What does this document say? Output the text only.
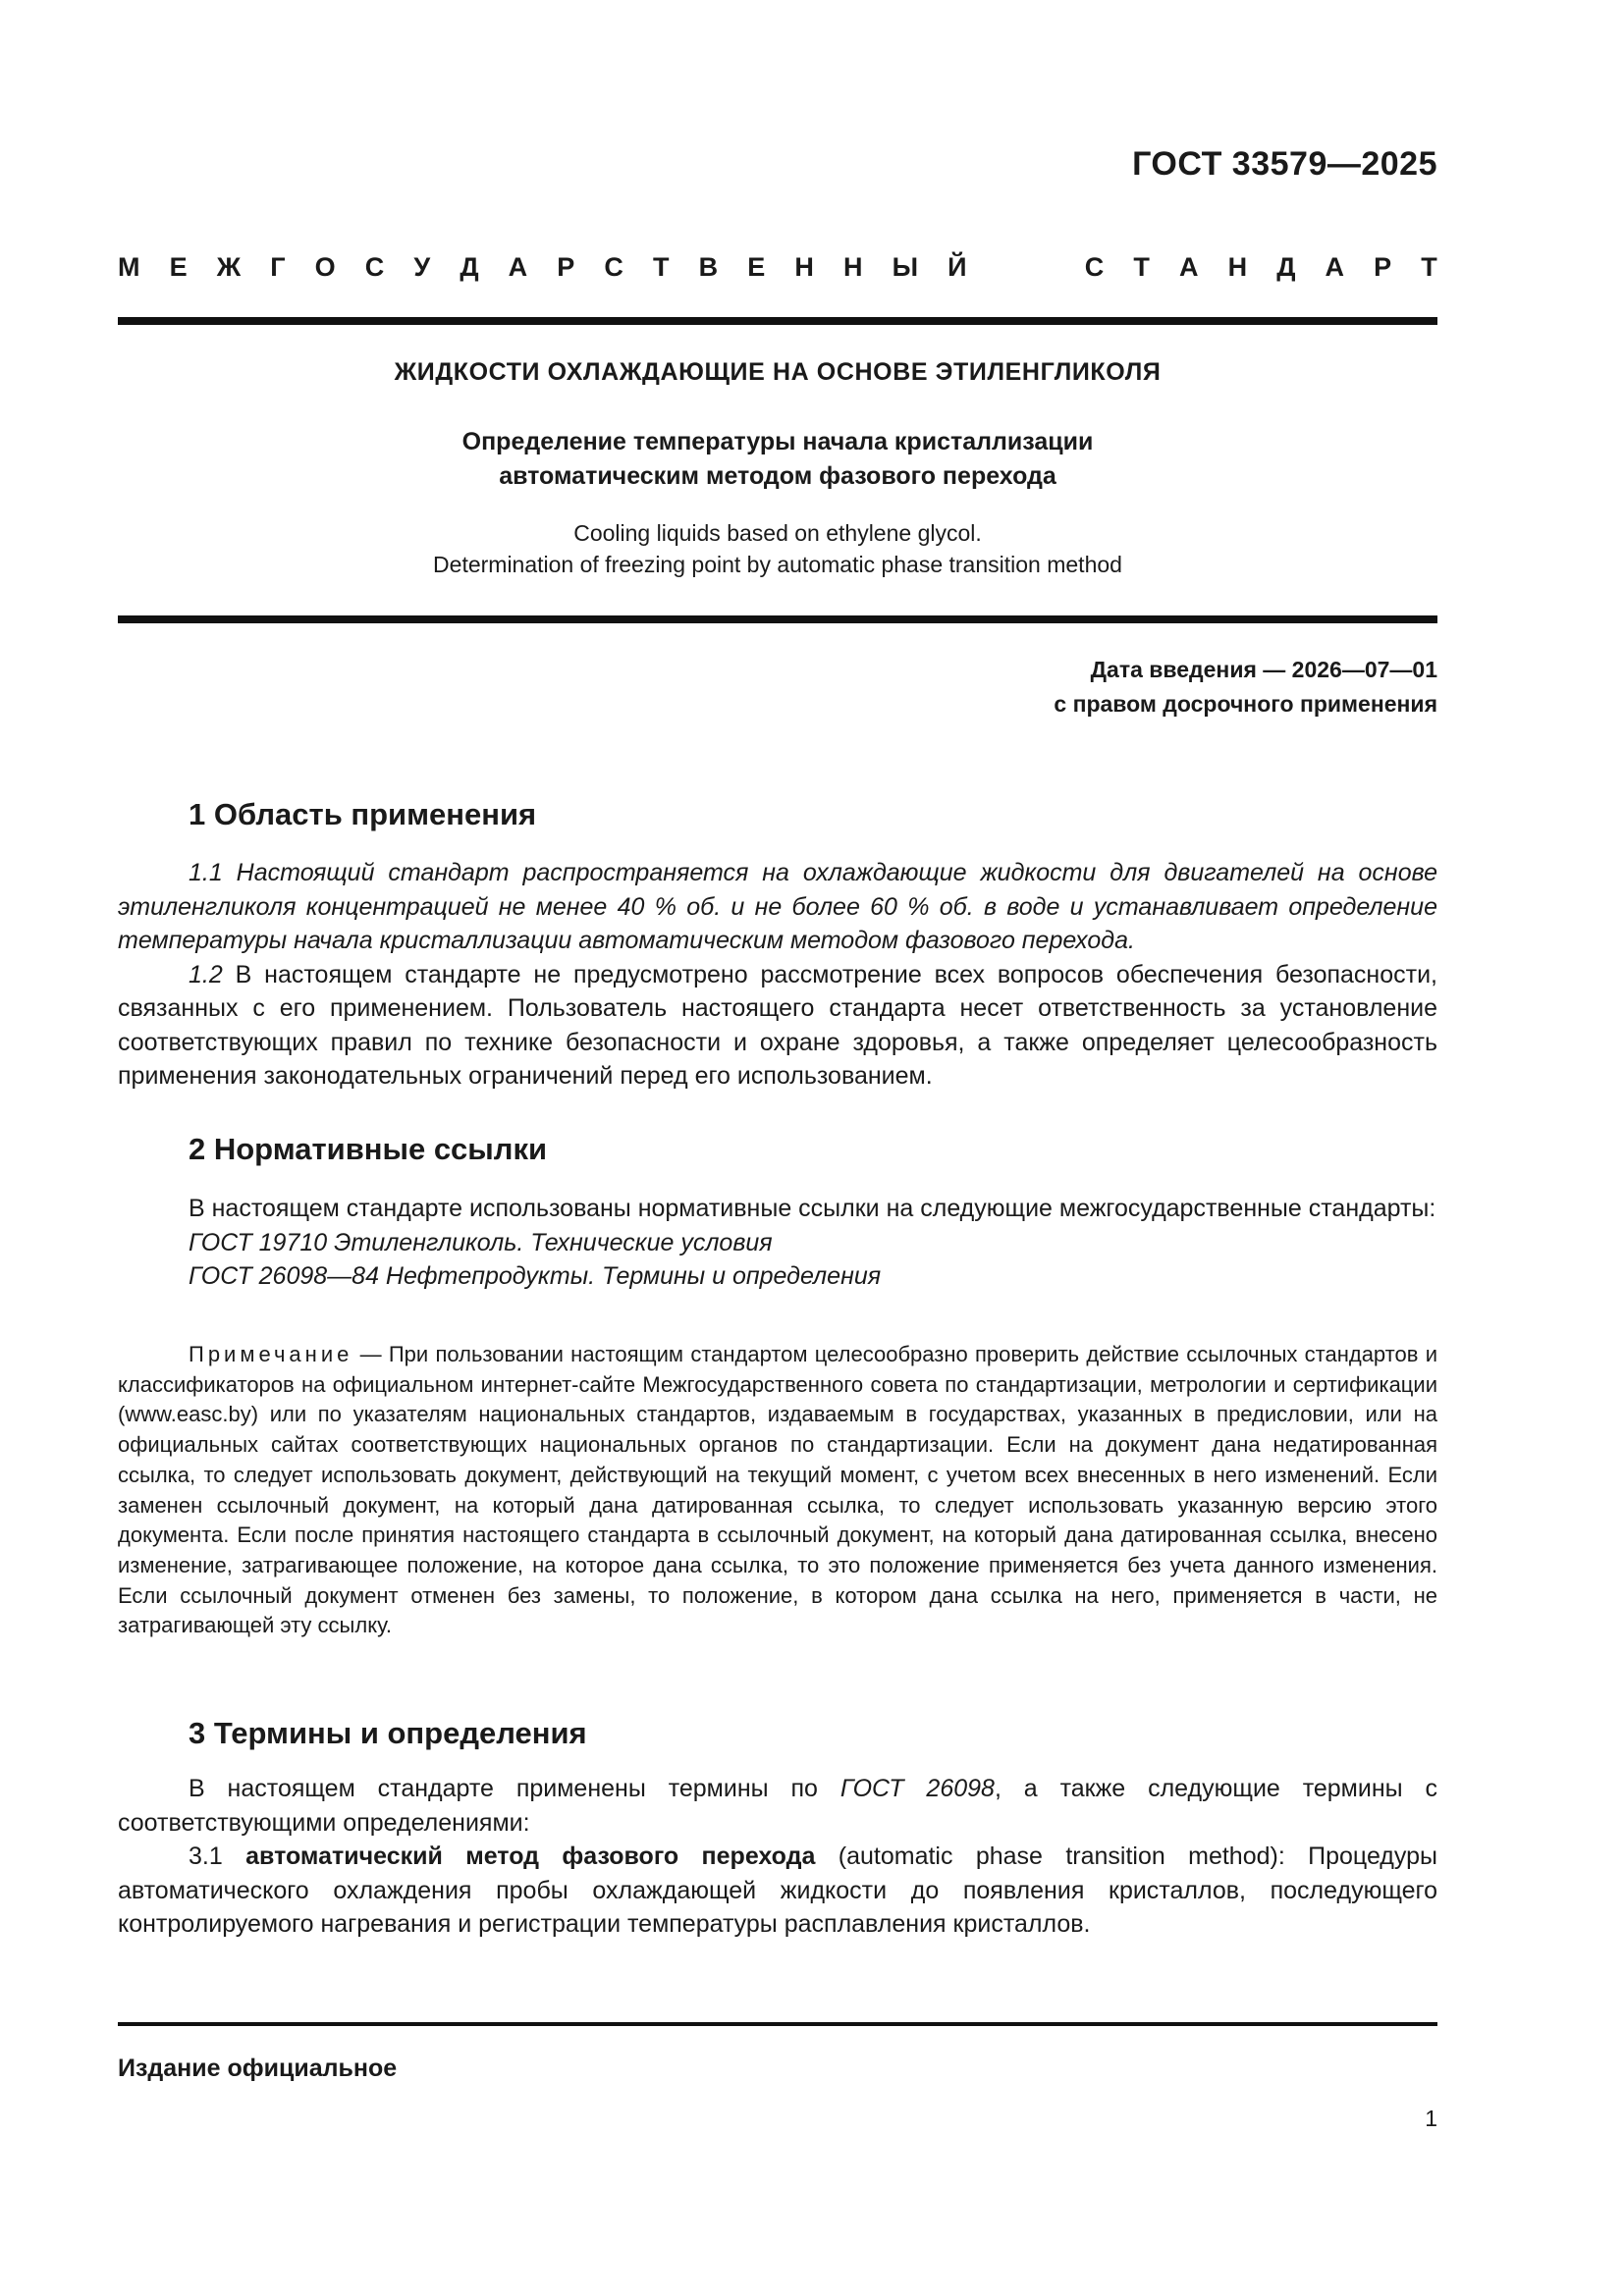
ГОСТ 33579—2025
М Е Ж Г О С У Д А Р С Т В Е Н Н Ы Й	С Т А Н Д А Р Т
ЖИДКОСТИ ОХЛАЖДАЮЩИЕ НА ОСНОВЕ ЭТИЛЕНГЛИКОЛЯ
Определение температуры начала кристаллизации
автоматическим методом фазового перехода
Cooling liquids based on ethylene glycol.
Determination of freezing point by automatic phase transition method
Дата введения — 2026—07—01
с правом досрочного применения
1 Область применения

1.1 Настоящий стандарт распространяется на охлаждающие жидкости для двигателей на основе этиленгликоля концентрацией не менее 40 % об. и не более 60 % об. в воде и устанавливает определение температуры начала кристаллизации автоматическим методом фазового перехода.

1.2 В настоящем стандарте не предусмотрено рассмотрение всех вопросов обеспечения безопасности, связанных с его применением. Пользователь настоящего стандарта несет ответственность за установление соответствующих правил по технике безопасности и охране здоровья, а также определяет целесообразность применения законодательных ограничений перед его использованием.

2 Нормативные ссылки

В настоящем стандарте использованы нормативные ссылки на следующие межгосударственные стандарты:

ГОСТ 19710 Этиленгликоль. Технические условия

ГОСТ 26098—84 Нефтепродукты. Термины и определения

Примечание — При пользовании настоящим стандартом целесообразно проверить действие ссылочных стандартов и классификаторов на официальном интернет-сайте Межгосударственного совета по стандартизации, метрологии и сертификации (www.easc.by) или по указателям национальных стандартов, издаваемым в государствах, указанных в предисловии, или на официальных сайтах соответствующих национальных органов по стандартизации. Если на документ дана недатированная ссылка, то следует использовать документ, действующий на текущий момент, с учетом всех внесенных в него изменений. Если заменен ссылочный документ, на который дана датированная ссылка, то следует использовать указанную версию этого документа. Если после принятия настоящего стандарта в ссылочный документ, на который дана датированная ссылка, внесено изменение, затрагивающее положение, на которое дана ссылка, то это положение применяется без учета данного изменения. Если ссылочный документ отменен без замены, то положение, в котором дана ссылка на него, применяется в части, не затрагивающей эту ссылку.

3 Термины и определения

В настоящем стандарте применены термины по ГОСТ 26098, а также следующие термины с соответствующими определениями:

3.1 автоматический метод фазового перехода (automatic phase transition method): Процедуры автоматического охлаждения пробы охлаждающей жидкости до появления кристаллов, последующего контролируемого нагревания и регистрации температуры расплавления кристаллов.

Издание официальное
1
